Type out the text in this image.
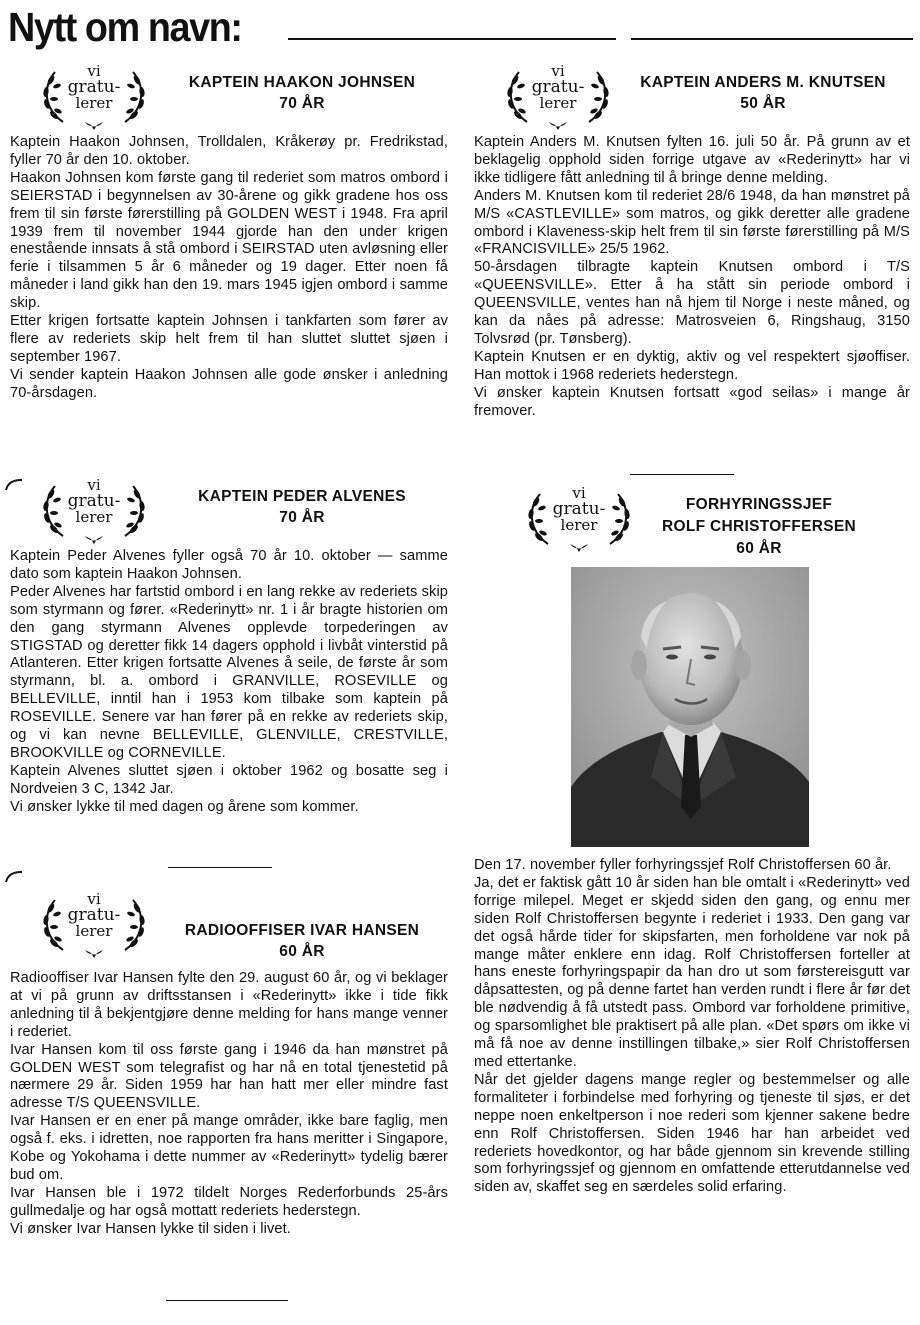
Nytt om navn:
vi
gratu-
lerer
KAPTEIN HAAKON JOHNSEN
70 ÅR

Kaptein Haakon Johnsen, Trolldalen, Kråkerøy pr. Fredrikstad, fyller 70 år den 10. oktober.

Haakon Johnsen kom første gang til rederiet som matros ombord i SEIERSTAD i begynnelsen av 30-årene og gikk gradene hos oss frem til sin første førerstilling på GOLDEN WEST i 1948. Fra april 1939 frem til november 1944 gjorde han den under krigen enestående innsats å stå ombord i SEIRSTAD uten avløsning eller ferie i tilsammen 5 år 6 måneder og 19 dager. Etter noen få måneder i land gikk han den 19. mars 1945 igjen ombord i samme skip.

Etter krigen fortsatte kaptein Johnsen i tankfarten som fører av flere av rederiets skip helt frem til han sluttet sluttet sjøen i september 1967.

Vi sender kaptein Haakon Johnsen alle gode ønsker i anledning 70-årsdagen.

vi
gratu-
lerer
KAPTEIN ANDERS M. KNUTSEN
50 ÅR

Kaptein Anders M. Knutsen fylten 16. juli 50 år. På grunn av et beklagelig opphold siden forrige utgave av «Rederinytt» har vi ikke tidligere fått anledning til å bringe denne melding.

Anders M. Knutsen kom til rederiet 28/6 1948, da han mønstret på M/S «CASTLEVILLE» som matros, og gikk deretter alle gradene ombord i Klaveness-skip helt frem til sin første førerstilling på M/S «FRANCISVILLE» 25/5 1962.

50-årsdagen tilbragte kaptein Knutsen ombord i T/S «QUEENSVILLE». Etter å ha stått sin periode ombord i QUEENSVILLE, ventes han nå hjem til Norge i neste måned, og kan da nåes på adresse: Matrosveien 6, Ringshaug, 3150 Tolvsrød (pr. Tønsberg).

Kaptein Knutsen er en dyktig, aktiv og vel respektert sjøoffiser. Han mottok i 1968 rederiets hederstegn.

Vi ønsker kaptein Knutsen fortsatt «god seilas» i mange år fremover.

vi
gratu-
lerer
KAPTEIN PEDER ALVENES
70 ÅR

Kaptein Peder Alvenes fyller også 70 år 10. oktober — samme dato som kaptein Haakon Johnsen.

Peder Alvenes har fartstid ombord i en lang rekke av rederiets skip som styrmann og fører. «Rederinytt» nr. 1 i år bragte historien om den gang styrmann Alvenes opplevde torpederingen av STIGSTAD og deretter fikk 14 dagers opphold i livbåt vinterstid på Atlanteren. Etter krigen fortsatte Alvenes å seile, de første år som styrmann, bl. a. ombord i GRANVILLE, ROSEVILLE og BELLEVILLE, inntil han i 1953 kom tilbake som kaptein på ROSEVILLE. Senere var han fører på en rekke av rederiets skip, og vi kan nevne BELLEVILLE, GLENVILLE, CRESTVILLE, BROOKVILLE og CORNEVILLE.

Kaptein Alvenes sluttet sjøen i oktober 1962 og bosatte seg i Nordveien 3 C, 1342 Jar.

Vi ønsker lykke til med dagen og årene som kommer.

vi
gratu-
lerer
FORHYRINGSSJEF
ROLF CHRISTOFFERSEN
60 ÅR

Den 17. november fyller forhyringssjef Rolf Christoffersen 60 år.

Ja, det er faktisk gått 10 år siden han ble omtalt i «Rederinytt» ved forrige milepel. Meget er skjedd siden den gang, og ennu mer siden Rolf Christoffersen begynte i rederiet i 1933. Den gang var det også hårde tider for skipsfarten, men forholdene var nok på mange måter enklere enn idag. Rolf Christoffersen forteller at hans eneste forhyringspapir da han dro ut som førstereisgutt var dåpsattesten, og på denne fartet han verden rundt i flere år før det ble nødvendig å få utstedt pass. Ombord var forholdene primitive, og sparsomlighet ble praktisert på alle plan. «Det spørs om ikke vi må få noe av denne instillingen tilbake,» sier Rolf Christoffersen med ettertanke.

Når det gjelder dagens mange regler og bestemmelser og alle formaliteter i forbindelse med forhyring og tjeneste til sjøs, er det neppe noen enkeltperson i noe rederi som kjenner sakene bedre enn Rolf Christoffersen. Siden 1946 har han arbeidet ved rederiets hovedkontor, og har både gjennom sin krevende stilling som forhyringssjef og gjennom en omfattende etterutdannelse ved siden av, skaffet seg en særdeles solid erfaring.

vi
gratu-
lerer	RADIOOFFISER IVAR HANSEN
60 ÅR

Radiooffiser Ivar Hansen fylte den 29. august 60 år, og vi beklager at vi på grunn av driftsstansen i «Rederinytt» ikke i tide fikk anledning til å bekjentgjøre denne melding for hans mange venner i rederiet.

Ivar Hansen kom til oss første gang i 1946 da han mønstret på GOLDEN WEST som telegrafist og har nå en total tjenestetid på nærmere 29 år. Siden 1959 har han hatt mer eller mindre fast adresse T/S QUEENSVILLE.

Ivar Hansen er en ener på mange områder, ikke bare faglig, men også f. eks. i idretten, noe rapporten fra hans meritter i Singapore, Kobe og Yokohama i dette nummer av «Rederinytt» tydelig bærer bud om.

Ivar Hansen ble i 1972 tildelt Norges Rederforbunds 25-års gullmedalje og har også mottatt rederiets hederstegn.

Vi ønsker Ivar Hansen lykke til siden i livet.
